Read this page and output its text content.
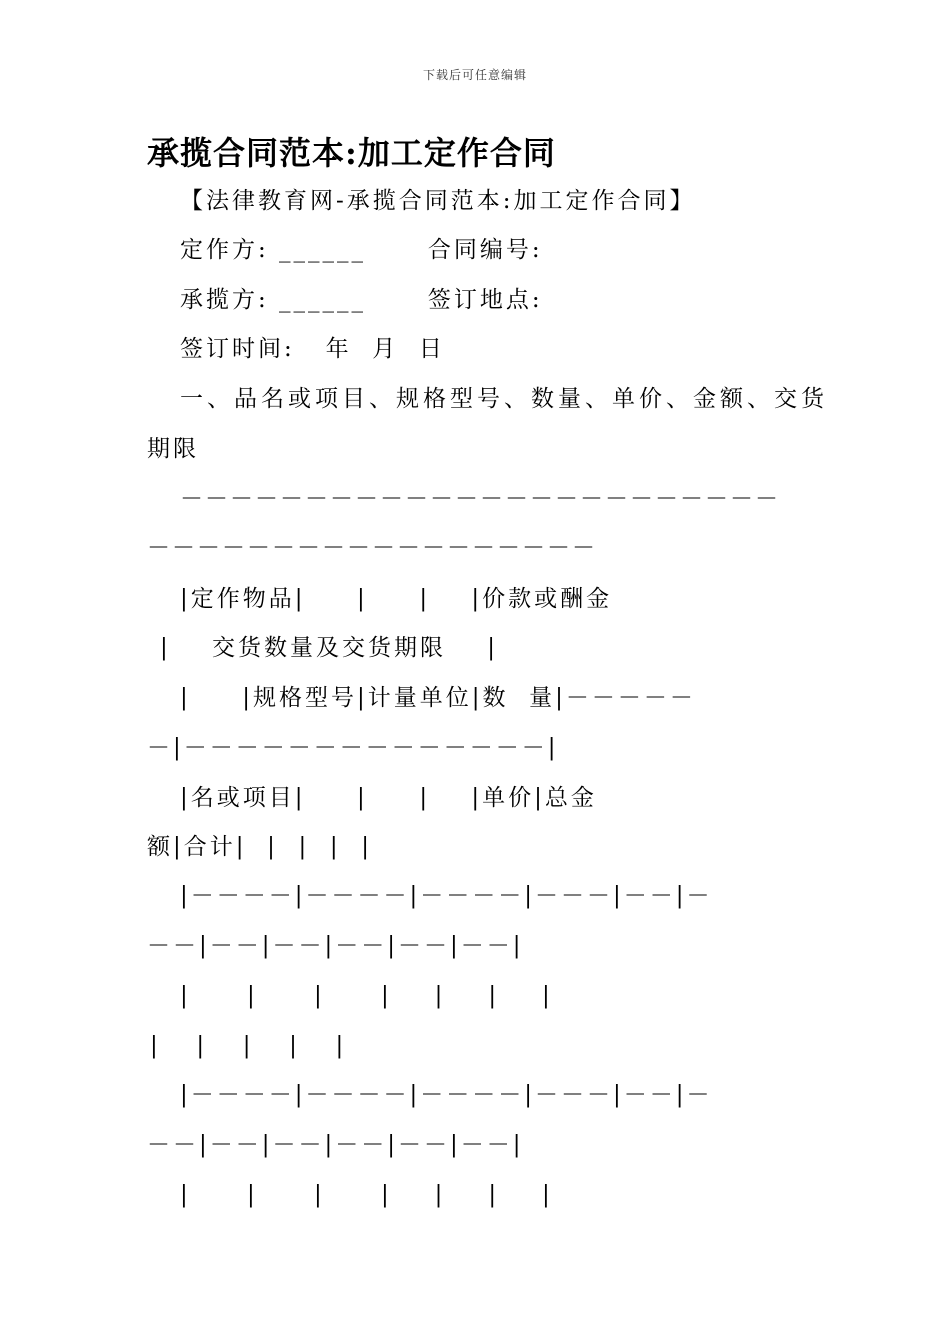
下载后可任意编辑
承揽合同范本:加工定作合同
【法律教育网-承揽合同范本:加工定作合同】
定作方: ______      合同编号:
承揽方: ______      签订地点:
签订时间:   年  月  日
一、品名或项目、规格型号、数量、单价、金额、交货
期限
－－－－－－－－－－－－－－－－－－－－－－－－
－－－－－－－－－－－－－－－－－－
|定作物品|     |     |    |价款或酬金
|    交货数量及交货期限    |
|     |规格型号|计量单位|数  量|－－－－－
－|－－－－－－－－－－－－－－|
|名或项目|     |     |    |单价|总金
额|合计|  |  |  |  |
|－－－－|－－－－|－－－－|－－－|－－|－
－－|－－|－－|－－|－－|－－|
|    |    |    |   |   |   |
|  |  |  |  |
|－－－－|－－－－|－－－－|－－－|－－|－
－－|－－|－－|－－|－－|－－|
|    |    |    |   |   |   |
